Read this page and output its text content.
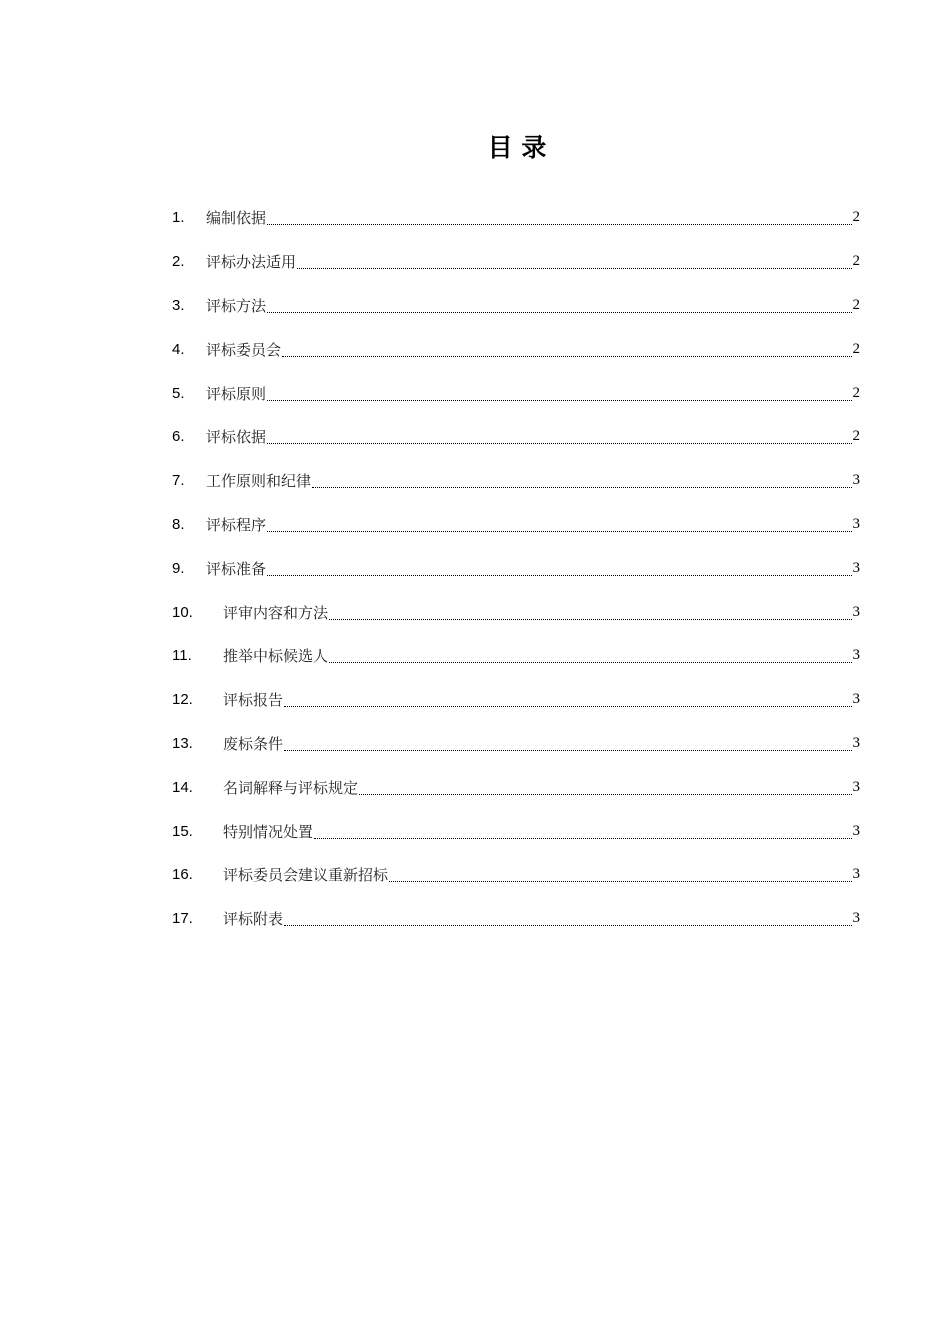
目 录
1.	编制依据	2
2.	评标办法适用	2
3.	评标方法	2
4.	评标委员会	2
5.	评标原则	2
6.	评标依据	2
7.	工作原则和纪律	3
8.	评标程序	3
9.	评标准备	3
10.	评审内容和方法	3
11.	推举中标候选人	3
12.	评标报告	3
13.	废标条件	3
14.	名词解释与评标规定	3
15.	特别情况处置	3
16.	评标委员会建议重新招标	3
17.	评标附表	3
